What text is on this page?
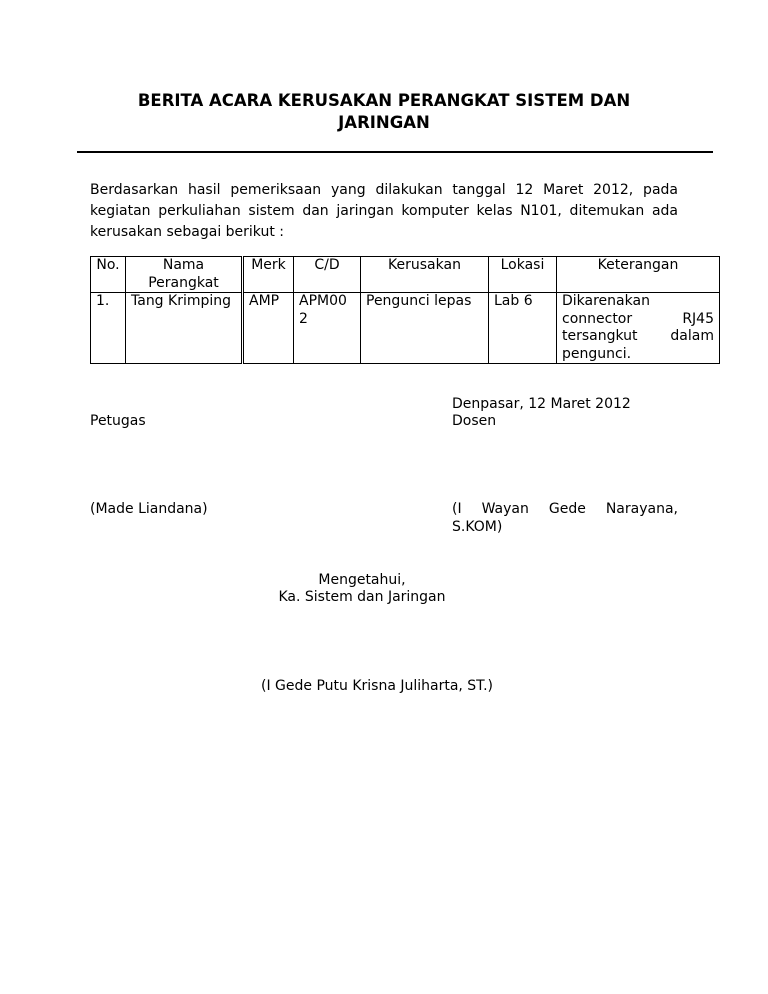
BERITA ACARA KERUSAKAN PERANGKAT SISTEM DAN JARINGAN
Berdasarkan hasil pemeriksaan yang dilakukan tanggal 12 Maret 2012, pada kegiatan perkuliahan sistem dan jaringan komputer kelas N101, ditemukan ada kerusakan sebagai berikut :
No.	Nama Perangkat	Merk	C/D	Kerusakan	Lokasi	Keterangan
1.	Tang Krimping	AMP	APM002	Pengunci lepas	Lab 6	Dikarenakan connector RJ45 tersangkut dalam pengunci.
Denpasar, 12 Maret 2012
Petugas	Dosen
(Made Liandana)	(I Wayan Gede Narayana, S.KOM)
Mengetahui,
Ka. Sistem dan Jaringan
(I Gede Putu Krisna Juliharta, ST.)
